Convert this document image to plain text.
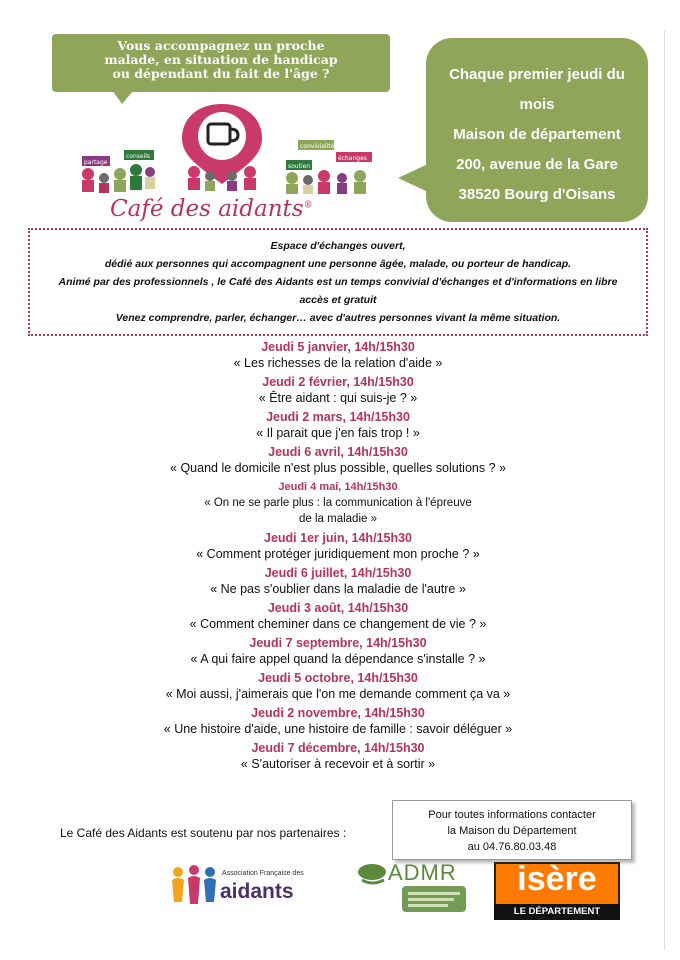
Vous accompagnez un proche
malade, en situation de handicap
ou dépendant du fait de l'âge ?	Chaque premier jeudi du
mois
Maison de département
200, avenue de la Gare
38520 Bourg d'Oisans
partage
conseils
convivialité
soutien
échanges
Café des aidants®
Espace d'échanges ouvert,
dédié aux personnes qui accompagnent une personne âgée, malade, ou porteur de handicap.
Animé par des professionnels , le Café des Aidants est un temps convivial d'échanges et d'informations en libre
accès et gratuit
Venez comprendre, parler, échanger… avec d'autres personnes vivant la même situation.
Jeudi 5 janvier, 14h/15h30
« Les richesses de la relation d'aide »
Jeudi 2 février, 14h/15h30
« Être aidant : qui suis-je ? »
Jeudi 2 mars, 14h/15h30
« Il parait que j'en fais trop ! »
Jeudi 6 avril, 14h/15h30
« Quand le domicile n'est plus possible, quelles solutions ? »
Jeudi 4 mai, 14h/15h30
« On ne se parle plus : la communication à l'épreuve
de la maladie »
Jeudi 1er juin, 14h/15h30
« Comment protéger juridiquement mon proche ? »
Jeudi 6 juillet, 14h/15h30
« Ne pas s'oublier dans la maladie de l'autre »
Jeudi 3 août, 14h/15h30
« Comment cheminer dans ce changement de vie ? »
Jeudi 7 septembre, 14h/15h30
« A qui faire appel quand la dépendance s'installe ? »
Jeudi 5 octobre, 14h/15h30
« Moi aussi, j'aimerais que l'on me demande comment ça va »
Jeudi 2 novembre, 14h/15h30
« Une histoire d'aide, une histoire de famille : savoir déléguer »
Jeudi 7 décembre, 14h/15h30
« S'autoriser à recevoir et à sortir »
Le Café des Aidants est soutenu par nos partenaires :
Pour toutes informations contacter
la Maison du Département
au 04.76.80.03.48
Association Française des
aidants
ADMR	isère
LE DÉPARTEMENT
